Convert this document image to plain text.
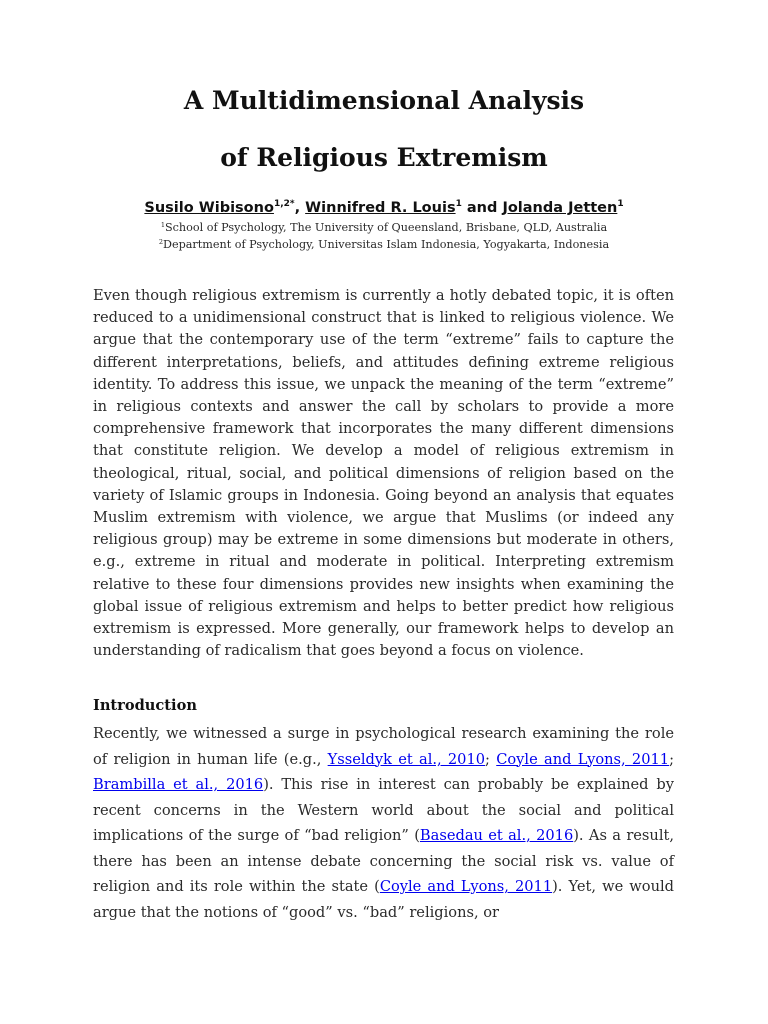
A Multidimensional Analysis
of Religious Extremism
Susilo Wibisono$^{1,2*}$, Winnifred R. Louis$^1$ and Jolanda Jetten$^1$
$^1$School of Psychology, The University of Queensland, Brisbane, QLD, Australia
$^2$Department of Psychology, Universitas Islam Indonesia, Yogyakarta, Indonesia

Even though religious extremism is currently a hotly debated topic, it is often reduced to a unidimensional construct that is linked to religious violence. We argue that the contemporary use of the term “extreme” fails to capture the different interpretations, beliefs, and attitudes defining extreme religious identity. To address this issue, we unpack the meaning of the term “extreme” in religious contexts and answer the call by scholars to provide a more comprehensive framework that incorporates the many different dimensions that constitute religion. We develop a model of religious extremism in theological, ritual, social, and political dimensions of religion based on the variety of Islamic groups in Indonesia. Going beyond an analysis that equates Muslim extremism with violence, we argue that Muslims (or indeed any religious group) may be extreme in some dimensions but moderate in others, e.g., extreme in ritual and moderate in political. Interpreting extremism relative to these four dimensions provides new insights when examining the global issue of religious extremism and helps to better predict how religious extremism is expressed. More generally, our framework helps to develop an understanding of radicalism that goes beyond a focus on violence.

Introduction

Recently, we witnessed a surge in psychological research examining the role of religion in human life (e.g., Ysseldyk et al., 2010; Coyle and Lyons, 2011; Brambilla et al., 2016). This rise in interest can probably be explained by recent concerns in the Western world about the social and political implications of the surge of “bad religion” (Basedau et al., 2016). As a result, there has been an intense debate concerning the social risk vs. value of religion and its role within the state (Coyle and Lyons, 2011). Yet, we would argue that the notions of “good” vs. “bad” religions, or
